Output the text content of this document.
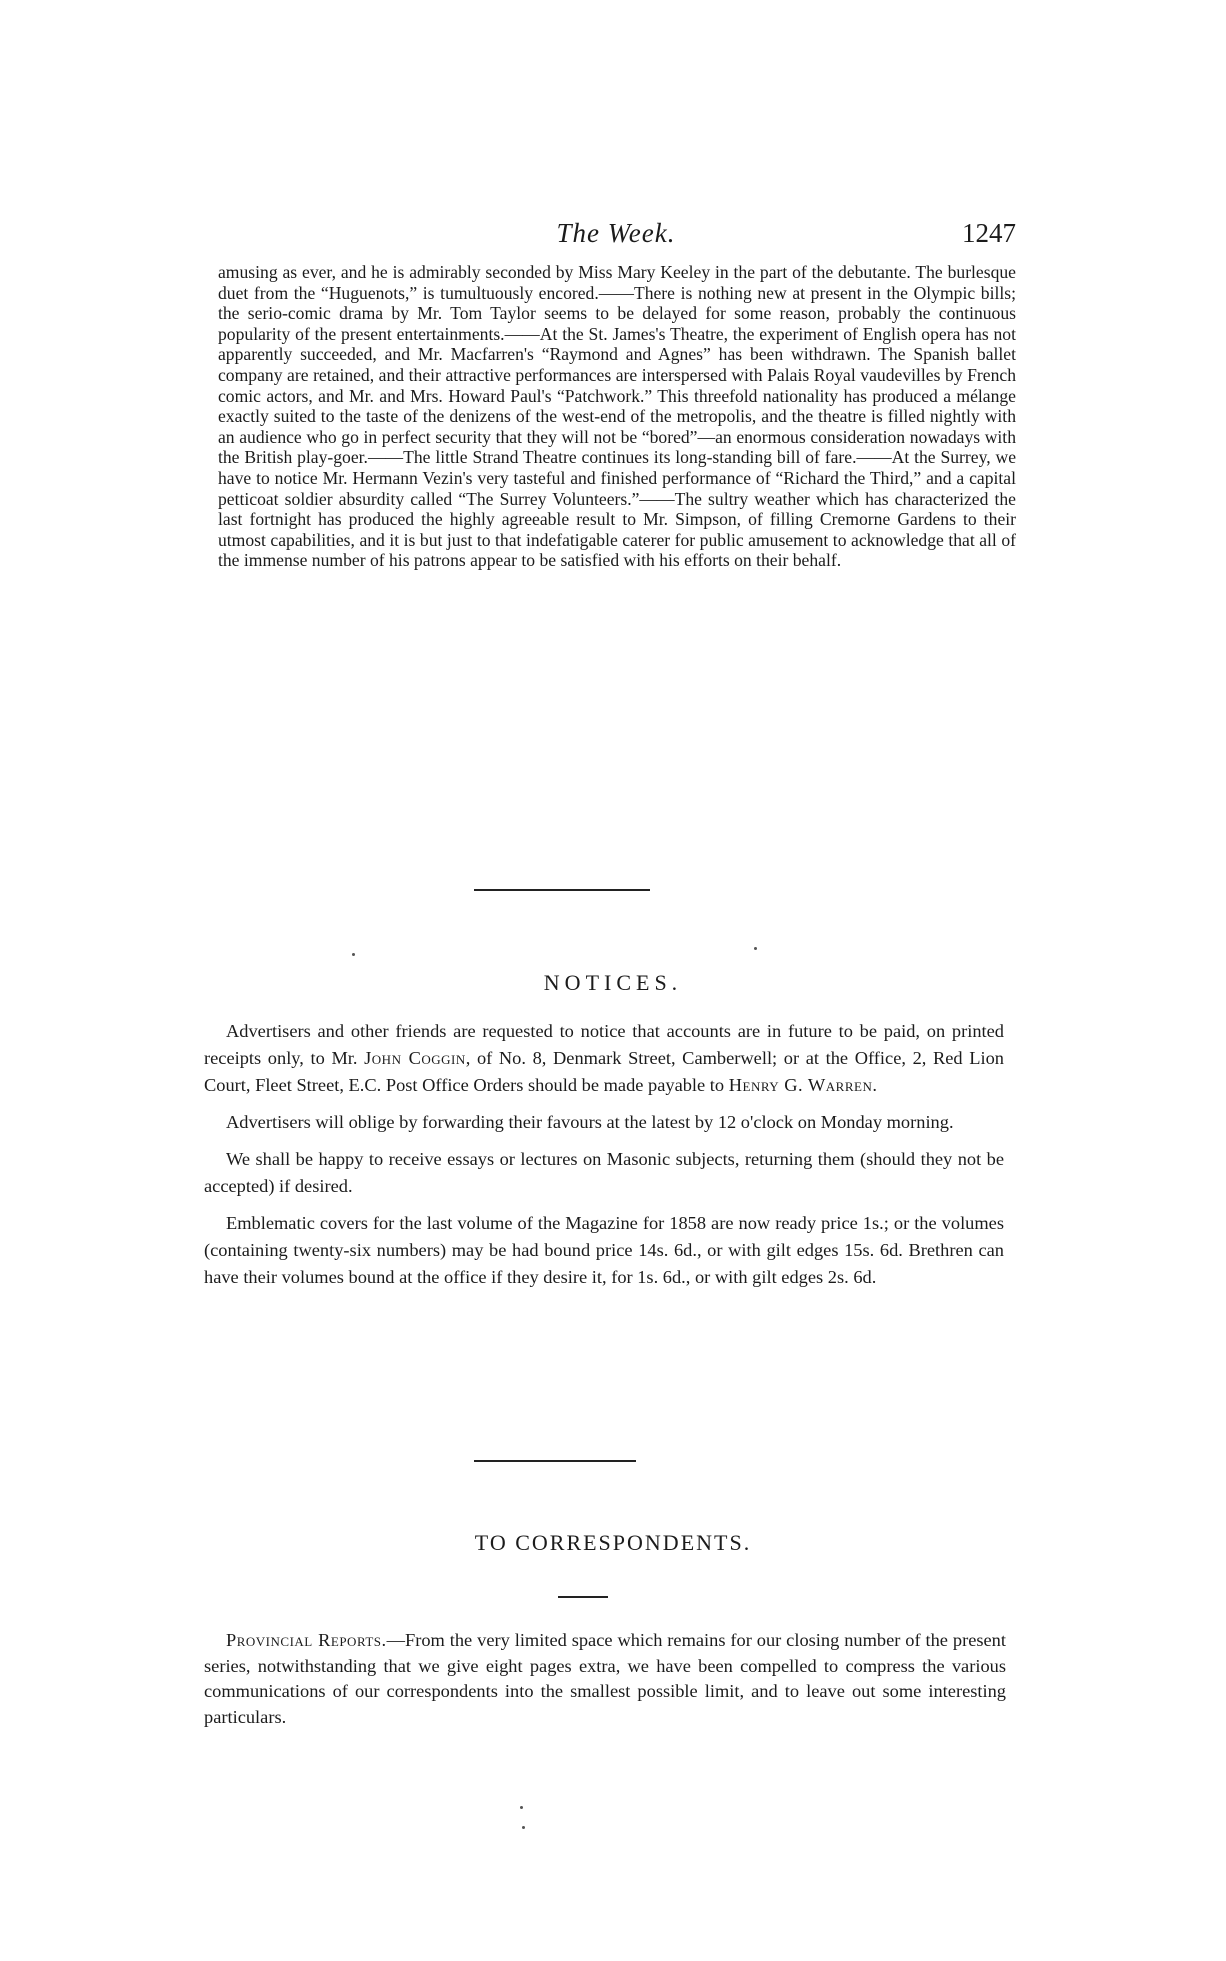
The Week.	1247

amusing as ever, and he is admirably seconded by Miss Mary Keeley in the part of the debutante. The burlesque duet from the “Huguenots,” is tumultuously encored.——There is nothing new at present in the Olympic bills; the serio-comic drama by Mr. Tom Taylor seems to be delayed for some reason, probably the continuous popularity of the present entertainments.——At the St. James's Theatre, the experiment of English opera has not apparently succeeded, and Mr. Macfarren's “Raymond and Agnes” has been withdrawn. The Spanish ballet company are retained, and their attractive performances are interspersed with Palais Royal vaudevilles by French comic actors, and Mr. and Mrs. Howard Paul's “Patchwork.” This threefold nationality has produced a mélange exactly suited to the taste of the denizens of the west-end of the metropolis, and the theatre is filled nightly with an audience who go in perfect security that they will not be “bored”—an enormous consideration nowadays with the British play-goer.——The little Strand Theatre continues its long-standing bill of fare.——At the Surrey, we have to notice Mr. Hermann Vezin's very tasteful and finished performance of “Richard the Third,” and a capital petticoat soldier absurdity called “The Surrey Volunteers.”——The sultry weather which has characterized the last fortnight has produced the highly agreeable result to Mr. Simpson, of filling Cremorne Gardens to their utmost capabilities, and it is but just to that indefatigable caterer for public amusement to acknowledge that all of the immense number of his patrons appear to be satisfied with his efforts on their behalf.

NOTICES.

Advertisers and other friends are requested to notice that accounts are in future to be paid, on printed receipts only, to Mr. John Coggin, of No. 8, Denmark Street, Camberwell; or at the Office, 2, Red Lion Court, Fleet Street, E.C. Post Office Orders should be made payable to Henry G. Warren.

Advertisers will oblige by forwarding their favours at the latest by 12 o'clock on Monday morning.

We shall be happy to receive essays or lectures on Masonic subjects, returning them (should they not be accepted) if desired.

Emblematic covers for the last volume of the Magazine for 1858 are now ready price 1s.; or the volumes (containing twenty-six numbers) may be had bound price 14s. 6d., or with gilt edges 15s. 6d. Brethren can have their volumes bound at the office if they desire it, for 1s. 6d., or with gilt edges 2s. 6d.

TO CORRESPONDENTS.

Provincial Reports.—From the very limited space which remains for our closing number of the present series, notwithstanding that we give eight pages extra, we have been compelled to compress the various communications of our correspondents into the smallest possible limit, and to leave out some interesting particulars.
